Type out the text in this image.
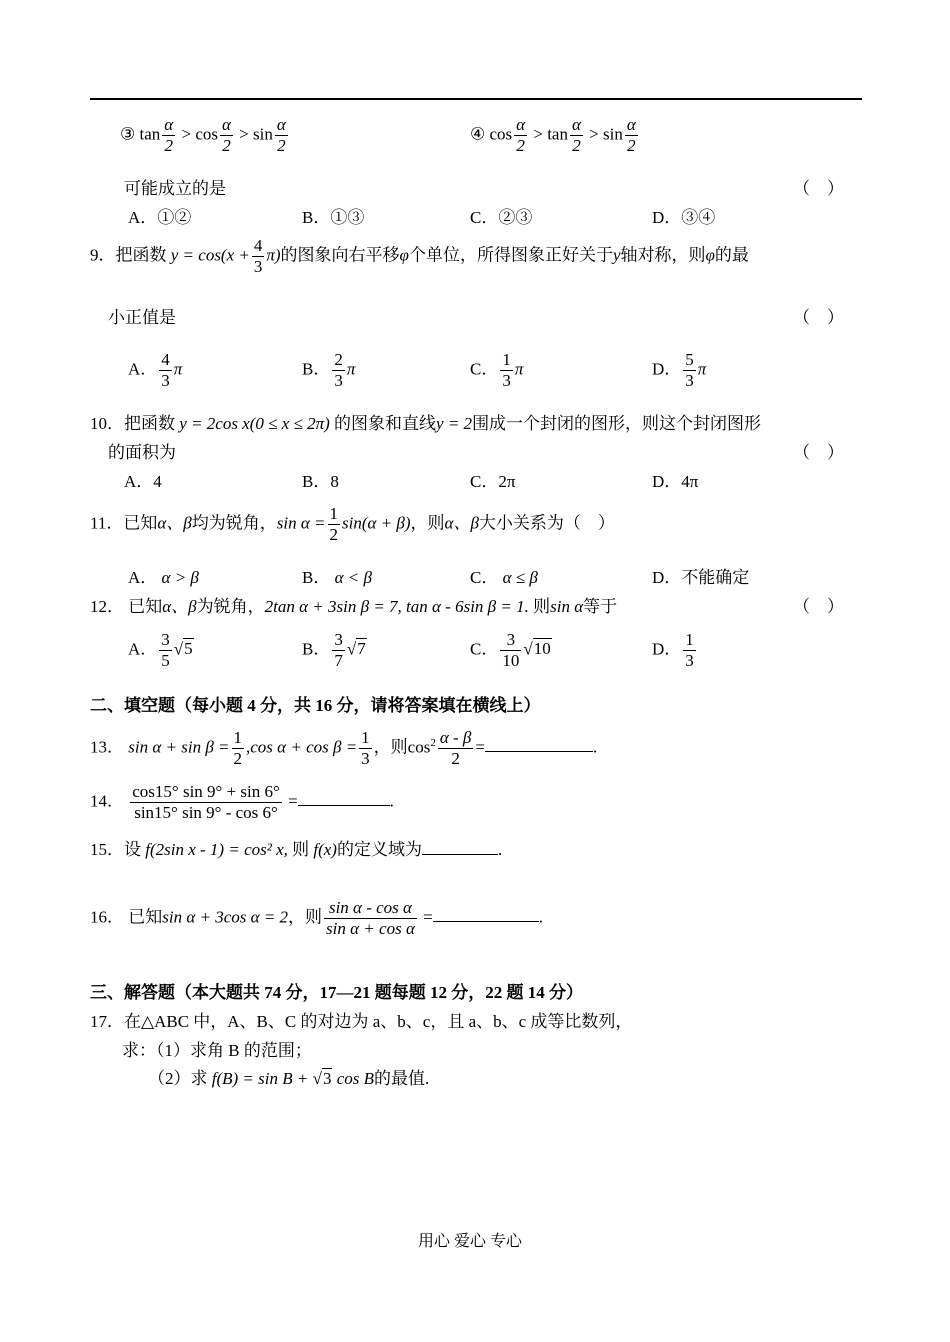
③ $\tan \frac{\alpha}{2} > \cos \frac{\alpha}{2} > \sin \frac{\alpha}{2}$	④ $\cos \frac{\alpha}{2} > \tan \frac{\alpha}{2} > \sin \frac{\alpha}{2}$
可能成立的是	（　）
A．①②	B．①③	C．②③	D．③④
9．把函数 $y = \cos(x + \frac{4}{3} \pi)$的图象向右平移φ个单位，所得图象正好关于y轴对称，则φ的最
小正值是	（　）
A． $\frac{4}{3}$ π	B． $\frac{2}{3}$ π	C． $\frac{1}{3}$ π	D． $\frac{5}{3}$ π
10．把函数 y = 2cos x(0 ≤ x ≤ 2π) 的图象和直线y = 2围成一个封闭的图形，则这个封闭图形
的面积为	（　）
A．4	B．8	C．2π	D．4π
11．已知α、β均为锐角，$\sin \alpha = \frac{1}{2} \sin(\alpha + \beta)$，则α、β大小关系为（　）
A． α > β	B． α < β	C． α ≤ β	D．不能确定
12． 已知α、β为锐角，2tan α + 3sin β = 7, tan α - 6sin β = 1. 则sin α等于	（　）
A． $\frac{3}{5} √5$	B． $\frac{3}{7} √7$	C． $\frac{3}{10} √10$	D． $\frac{1}{3}$
二、填空题（每小题 4 分，共 16 分，请将答案填在横线上）
13． $\sin \alpha + \sin \beta = \frac{1}{2} ,\cos$ $\alpha + \cos \beta = \frac{1}{3}$ ，则$\cos^2 \frac{\alpha - \beta}{2}$ =	.
14． $\frac{\cos 15^\circ \sin 9^\circ + \sin 6^\circ}{\sin 15^\circ \sin 9^\circ - \cos 6^\circ}$ =	.
15．设 f(2sin x - 1) = cos² x, 则 f(x)的定义域为	.
16． 已知sin α + 3cos α = 2，则 $\frac{\text{sin α - cos α}}{\text{sin α + cos α}}$ =	.
三、解答题（本大题共 74 分，17—21 题每题 12 分，22 题 14 分）
17．在△ABC 中，A、B、C 的对边为 a、b、c，且 a、b、c 成等比数列，
求：（1）求角 B 的范围；
（2）求 f(B) = sin B + √3 cos B的最值.
用心 爱心 专心
